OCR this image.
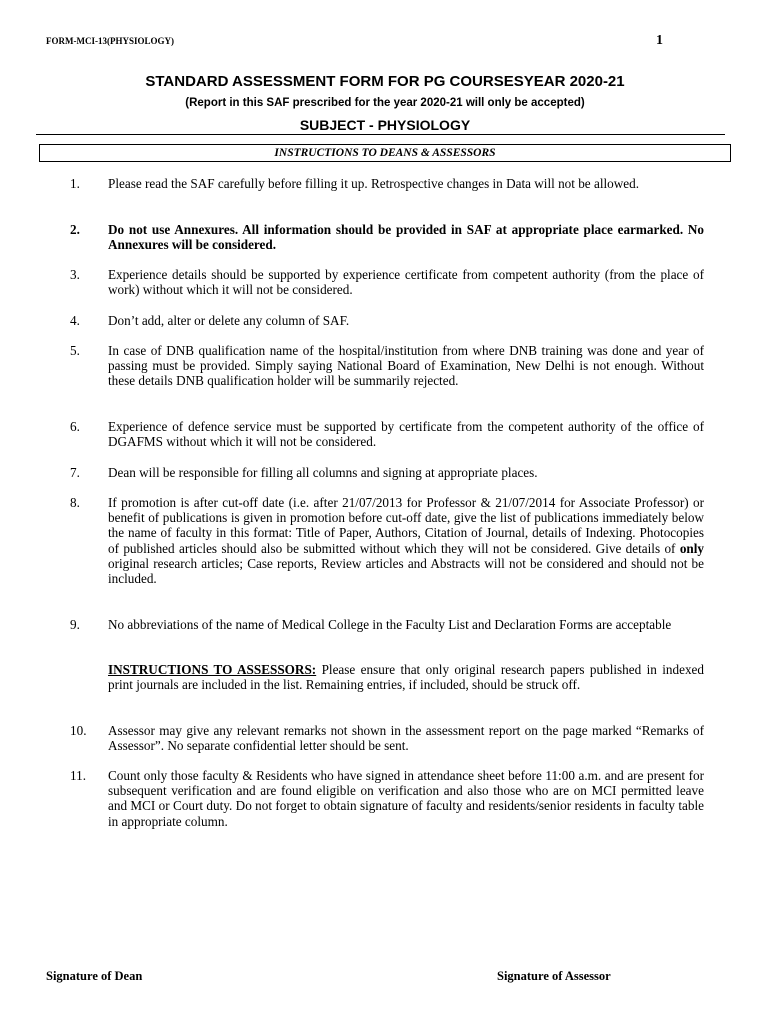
FORM-MCI-13(PHYSIOLOGY)	1
STANDARD ASSESSMENT FORM FOR PG COURSESYEAR 2020-21
(Report in this SAF prescribed for the year 2020-21 will only be accepted)
SUBJECT - PHYSIOLOGY
INSTRUCTIONS TO DEANS & ASSESSORS
1. Please read the SAF carefully before filling it up. Retrospective changes in Data will not be allowed.
2. Do not use Annexures. All information should be provided in SAF at appropriate place earmarked. No Annexures will be considered.
3. Experience details should be supported by experience certificate from competent authority (from the place of work) without which it will not be considered.
4. Don’t add, alter or delete any column of SAF.
5. In case of DNB qualification name of the hospital/institution from where DNB training was done and year of passing must be provided. Simply saying National Board of Examination, New Delhi is not enough. Without these details DNB qualification holder will be summarily rejected.
6. Experience of defence service must be supported by certificate from the competent authority of the office of DGAFMS without which it will not be considered.
7. Dean will be responsible for filling all columns and signing at appropriate places.
8. If promotion is after cut-off date (i.e. after 21/07/2013 for Professor & 21/07/2014 for Associate Professor) or benefit of publications is given in promotion before cut-off date, give the list of publications immediately below the name of faculty in this format: Title of Paper, Authors, Citation of Journal, details of Indexing. Photocopies of published articles should also be submitted without which they will not be considered. Give details of only original research articles; Case reports, Review articles and Abstracts will not be considered and should not be included.
9. No abbreviations of the name of Medical College in the Faculty List and Declaration Forms are acceptable
INSTRUCTIONS TO ASSESSORS: Please ensure that only original research papers published in indexed print journals are included in the list. Remaining entries, if included, should be struck off.
10. Assessor may give any relevant remarks not shown in the assessment report on the page marked “Remarks of Assessor”. No separate confidential letter should be sent.
11. Count only those faculty & Residents who have signed in attendance sheet before 11:00 a.m. and are present for subsequent verification and are found eligible on verification and also those who are on MCI permitted leave and MCI or Court duty. Do not forget to obtain signature of faculty and residents/senior residents in faculty table in appropriate column.
Signature of Dean	Signature of Assessor
